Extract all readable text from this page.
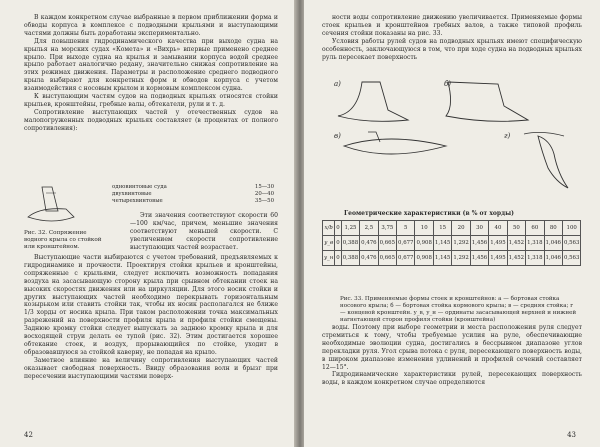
В каждом конкретном случае выбранные в первом приближении форма и обводы корпуса в комплексе с подводными крыльями и выступающими частями должны быть доработаны экспериментально.

Для повышения гидродинамического качества при выходе судна на крылья на морских судах «Комета» и «Вихрь» впервые применено среднее крыло. При выходе судна на крылья и замывании корпуса водой среднее крыло работает аналогично редану, значительно снижая сопротивление на этих режимах движения. Параметры и расположение среднего подводного крыла выбирают для конкретных форм и обводов корпуса с учетом взаимодействия с носовым крылом и кормовым комплексом судна.

К выступающим частям судов на подводных крыльях относятся стойки крыльев, кронштейны, гребные валы, обтекатели, рули и т. д.

Сопротивление выступающих частей у отечественных судов на малопогруженных подводных крыльях составляет (в процентах от полного сопротивления):

Рис. 32. Сопряжение водного крыла со стойкой или кронштейном.
одновинтовые суда	15—30
двухвинтовые	20—40
четырехвинтовые	35—50

Эти значения соответствуют скорости 60—100 км/час, причем, меньшие значения соответствуют меньшей скорости. С увеличением скорости сопротивление выступающих частей возрастает.

Выступающие части выбираются с учетом требований, предъявляемых к гидродинамике и прочности. Проектируя стойки крыльев и кронштейны, сопряженные с крыльями, следует исключить возможность попадания воздуха на засасывающую сторону крыла при срывном обтекании стоек на высоких скоростях движения или на циркуляции. Для этого носик стойки и других выступающих частей необходимо перекрывать горизонтальным козырьком или ставить стойки так, чтобы их носик располагался не ближе 1/3 хорды от носика крыла. При таком расположении точка максимальных разрежений на поверхности профиля крыла и профиля стойки смещены. Заднюю кромку стойки следует выпускать за заднюю кромку крыла и для восходящей струи делать ее тупой (рис. 32). Этим достигается хорошее обтекание стоек, и воздух, прорывающийся по стойке, уходит в образовавшуюся за стойкой каверну, не попадая на крыло.

Заметное влияние на величину сопротивления выступающих частей оказывает свободная поверхность. Ввиду образования волн и брызг при пересечении выступающими частями поверх-

42

ности воды сопротивление движению увеличивается. Применяемые формы стоек крыльев и кронштейнов гребных валов, а также типовой профиль сечения стойки показаны на рис. 33.

Условия работы рулей судов на подводных крыльях имеют специфическую особенность, заключающуюся в том, что при ходе судна на подводных крыльях руль пересекает поверхность

а)	б)
в)	г)
Геометрические характеристики (в % от хорды)
x/b	0	1,25	2,5	3,75	5	10	15	20	30	40	50	60	80	100
y_в	0	0,388	0,476	0,665	0,677	0,908	1,145	1,292	1,456	1,495	1,452	1,318	1,046	0,563
y_н	0	0,388	0,476	0,665	0,677	0,908	1,145	1,292	1,456	1,495	1,452	1,318	1,046	0,563
Рис. 33. Применяемые формы стоек и кронштейнов: а — бортовая стойка носового крыла; б — бортовая стойка кормового крыла; в — средняя стойка; г — концевой кронштейн. y_в, y_н — ординаты засасывающей верхней и нижней нагнетающей сторон профиля стойки (кронштейна)

воды. Поэтому при выборе геометрии и места расположения руля следует стремиться к тому, чтобы требуемые усилия на руле, обеспечивающие необходимые эволюции судна, достигались в бессрывном диапазоне углов перекладки руля. Угол срыва потока с руля, пересекающего поверхность воды, в широком диапазоне изменения удлинений и профилей сечений составляет 12—15°.

Гидродинамические характеристики рулей, пересекающих поверхность воды, в каждом конкретном случае определяются

43
